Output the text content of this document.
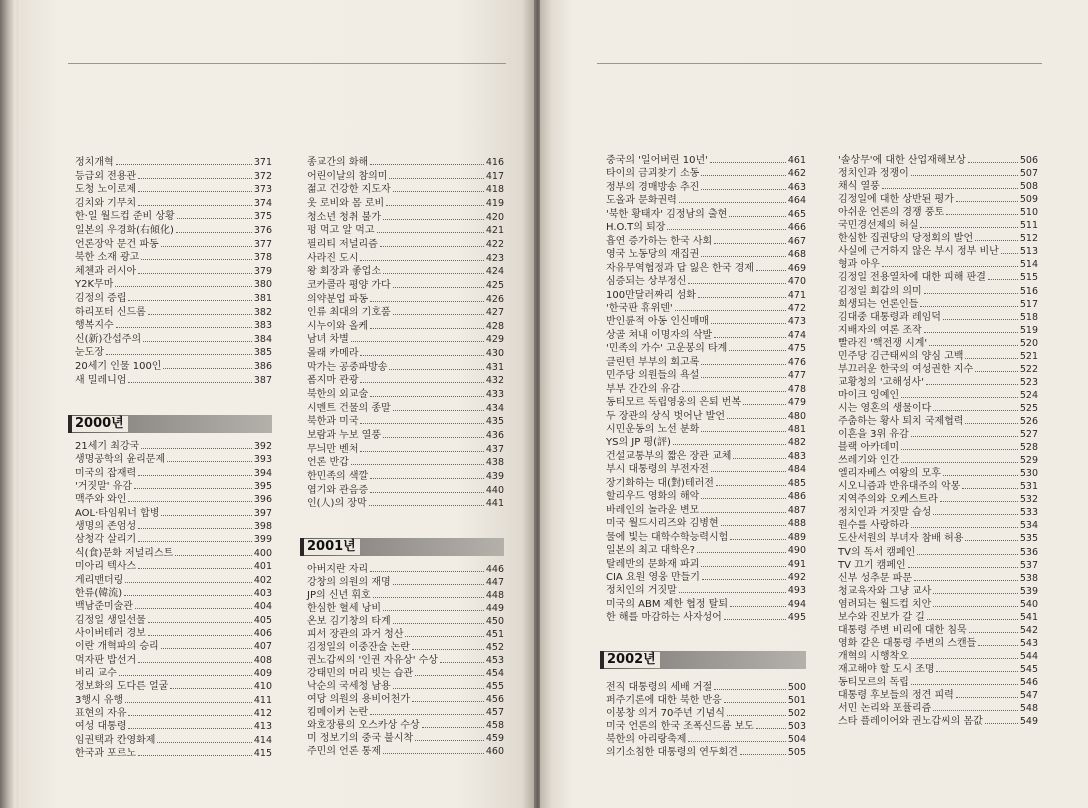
정치개혁	371
등급외 전용관	372
도청 노이로제	373
김치와 기무치	374
한·일 월드컵 준비 상황	375
일본의 우경화(右傾化)	376
언론장악 문건 파동	377
북한 소재 광고	378
체첸과 러시아	379
Y2K무마	380
김정의 증립	381
하리포터 신드롬	382
행복지수	383
신(新)간섭주의	384
눈도장	385
20세기 인물 100인	386
새 밀레니엄	387
2000년
21세기 최강국	392
생명공학의 윤리문제	393
미국의 잡재력	394
'거짓말' 유감	395
맥주와 와인	396
AOL·타임워너 합병	397
생명의 존엄성	398
삼청각 살리기	399
식(食)문화 저널리스트	400
미아리 텍사스	401
게리맨더링	402
한류(韓流)	403
백남준미술관	404
김정일 생일선물	405
사이버테러 경보	406
이란 개혁파의 승리	407
먹자판 밥선거	408
비리 교수	409
정보화의 도다른 얼굴	410
3행시 유행	411
표현의 자유	412
여성 대통령	413
임권택과 칸영화제	414
한국과 포르노	415
종교간의 화해	416
어린이날의 참의미	417
젊고 건강한 지도자	418
옷 로비와 몸 로비	419
청소년 청취 불가	420
펑 먹고 알 먹고	421
필리티 저널리즘	422
사라진 도시	423
왕 회장과 좋업소	424
코카콜라 평양 가다	425
의약분업 파동	426
인류 최대의 기호품	427
시누이와 올케	428
남녀 차별	429
몰래 카메라	430
막가는 공중파방송	431
폼지마 관광	432
북한의 외교술	433
시멘트 건물의 종말	434
북한과 미국	435
보람과 누보 열풍	436
무늬만 벤처	437
언론 반갑	438
한민족의 색깔	439
엽기와 관음증	440
인(人)의 장막	441
2001년
아버지란 자리	446
강창의 의원의 재명	447
JP의 신년 휘호	448
한심한 혈세 낭비	449
온보 김기창의 타계	450
피서 장관의 과거 청산	451
김정일의 이중잔술 논란	452
권노갑씨의 '인권 자유상' 수상	453
강태민의 머리 빗는 습관	454
낙순의 국세청 남용	455
여당 의원의 용비어천가	456
킴메이커 논란	457
와호장룡의 오스카상 수상	458
미 정보기의 중국 불시착	459
주민의 언론 통제	460
중국의 '일어버린 10년'	461
타이의 금괴찾기 소동	462
정부의 경매방송 추진	463
도올과 문화권력	464
'북한 황태자' 김정남의 출현	465
H.O.T의 퇴장	466
흡연 증가하는 한국 사회	467
영국 노동당의 재집권	468
자유무역협정과 답 잃은 한국 경제	469
심증되는 상부정신	470
100만달러짜리 섬화	471
'한국판 휴위덴'	472
반인륜적 아동 인신매매	473
상골 쳐내 이명자의 삭발	474
'민족의 가수' 고운봉의 타계	475
클린턴 부부의 회고록	476
민주당 의원들의 욕설	477
부부 간간의 유감	478
동티모르 독립영웅의 은퇴 번복	479
두 장관의 상식 벗어난 발언	480
시민운동의 노선 분화	481
YS의 JP 평(評)	482
건설교통부의 짧은 장관 교체	483
부시 대통령의 부전자전	484
장기화하는 대(對)테러전	485
할리우드 영화의 해악	486
바레인의 놀라운 변모	487
미국 월드시리즈와 김병현	488
물에 빛는 대학수학능력시험	489
일본의 최고 대학은?	490
탈레반의 문화재 파괴	491
CIA 요원 영웅 만들기	492
정치인의 거짓말	493
미국의 ABM 제한 협정 탈퇴	494
한 해를 마감하는 사자성어	495
2002년
전직 대통령의 세배 거절	500
퍼주기론에 대한 북한 반응	501
이봉창 의거 70주년 기념식	502
미국 언론의 한국 조폭신드롬 보도	503
북한의 아리랑축제	504
의기소침한 대통령의 연두회견	505
'솔상무'에 대한 산업재해보상	506
정치인과 정쟁이	507
채식 열풍	508
김정일에 대한 상반된 평가	509
아쉬운 언론의 경쟁 풍토	510
국민경선제의 허실	511
한심한 집권당의 당정회의 발언	512
사실에 근거하지 않은 부시 정부 비난 513
형과 아우	514
김정일 전용열차에 대한 피해 판결	515
김정일 회갑의 의미	516
희생되는 언론인들	517
김대중 대통령과 레임덕	518
지배자의 여론 조작	519
빨라진 '핵전쟁 시계'	520
민주당 김근태씨의 양심 고백	521
부끄러운 한국의 여성권한 지수	522
교황청의 '고해성사'	523
마이크 잉예인	524
시는 영혼의 생물이다	525
주춤하는 황사 퇴치 국제협력	526
이흔을 3위 유감	527
블랙 아카데미	528
쓰레기와 인간	529
엘리자베스 여왕의 모후	530
시오니즘과 반유대주의 악몽	531
지역주의와 오케스트라	532
정치인과 거짓말 습성	533
원수를 사랑하라	534
도산서원의 부녀자 참배 허용	535
TV의 독서 캠페인	536
TV 끄기 캠페인	537
신부 성추문 파문	538
청교육자와 그냥 교사	539
염려되는 월드컵 치안	540
보수와 진보가 갈 길	541
대통령 주변 비리에 대한 침묵	542
영화 같은 대통령 주변의 스캔들	543
개혁의 시행착오	544
재고해야 할 도시 조명	545
동티모르의 독립	546
대통령 후보들의 정견 피력	547
서민 논리와 포퓰리즘	548
스타 플레이어와 권노갑씨의 몸값	549
